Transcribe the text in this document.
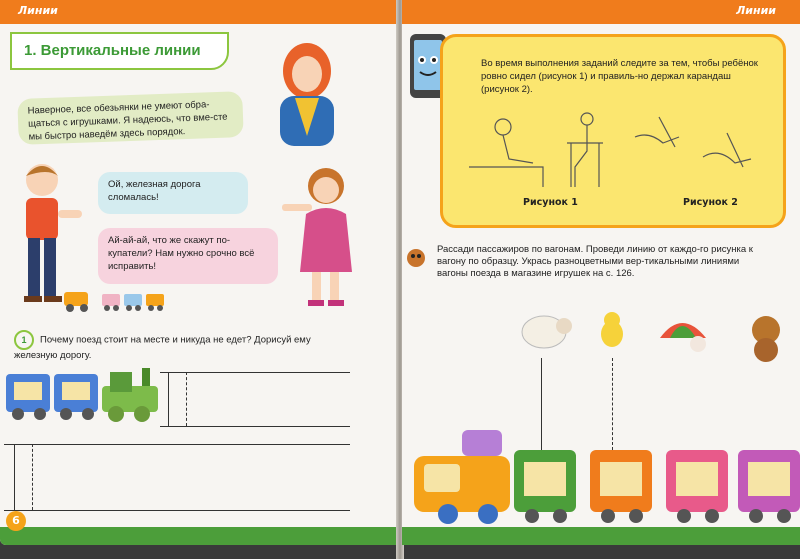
Линии
1. Вертикальные линии
Наверное, все обезьянки не умеют обра-щаться с игрушками. Я надеюсь, что вме-сте мы быстро наведём здесь порядок.
Ой, железная дорога сломалась!
Ай-ай-ай, что же скажут по-купатели? Нам нужно срочно всё исправить!
1 Почему поезд стоит на месте и никуда не едет? Дорисуй ему железную дорогу.
6
Линии
Во время выполнения заданий следите за тем, чтобы ребёнок ровно сидел (рисунок 1) и правиль-но держал карандаш (рисунок 2).
Рисунок 1	Рисунок 2
Рассади пассажиров по вагонам. Проведи линию от каждо-го рисунка к вагону по образцу. Укрась разноцветными вер-тикальными линиями вагоны поезда в магазине игрушек на с. 126.
